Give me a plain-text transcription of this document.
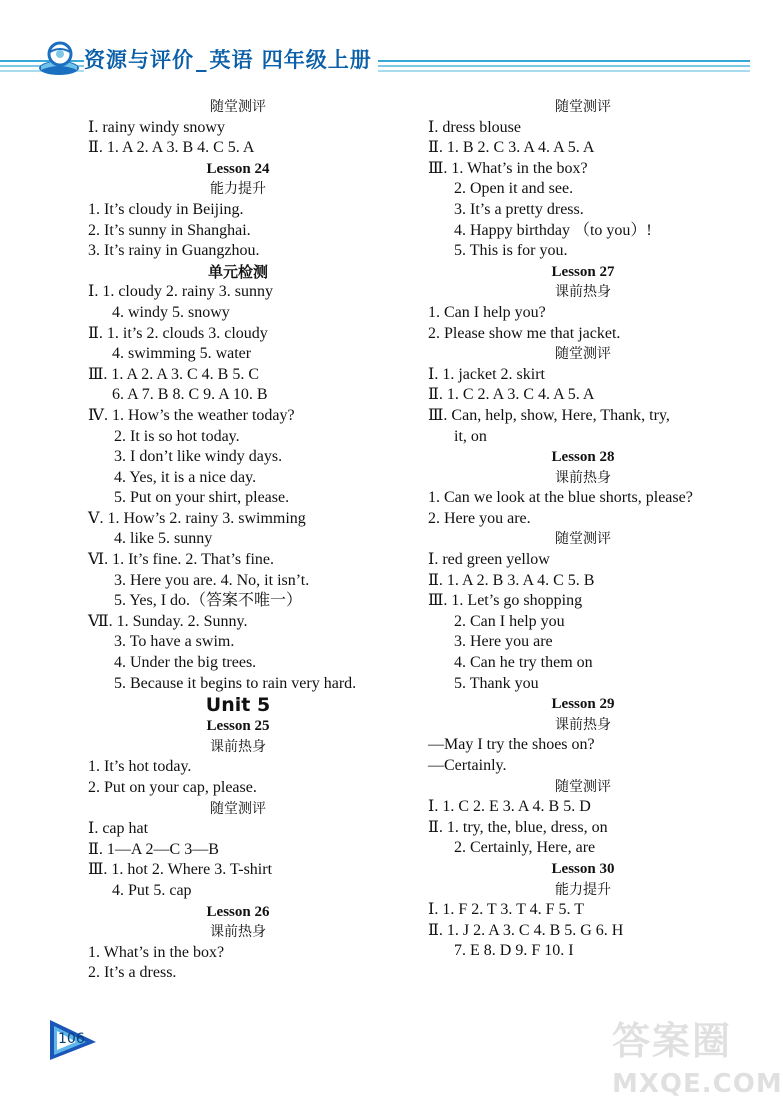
资源与评价_英语 四年级上册
随堂测评
Ⅰ. rainy windy snowy
Ⅱ. 1. A 2. A 3. B 4. C 5. A
Lesson 24
能力提升
1. It’s cloudy in Beijing.
2. It’s sunny in Shanghai.
3. It’s rainy in Guangzhou.
单元检测
Ⅰ. 1. cloudy 2. rainy 3. sunny
4. windy 5. snowy
Ⅱ. 1. it’s 2. clouds 3. cloudy
4. swimming 5. water
Ⅲ. 1. A 2. A 3. C 4. B 5. C
6. A 7. B 8. C 9. A 10. B
Ⅳ. 1. How’s the weather today?
2. It is so hot today.
3. I don’t like windy days.
4. Yes, it is a nice day.
5. Put on your shirt, please.
Ⅴ. 1. How’s 2. rainy 3. swimming
4. like 5. sunny
Ⅵ. 1. It’s fine. 2. That’s fine.
3. Here you are. 4. No, it isn’t.
5. Yes, I do.（答案不唯一）
Ⅶ. 1. Sunday. 2. Sunny.
3. To have a swim.
4. Under the big trees.
5. Because it begins to rain very hard.
Unit 5
Lesson 25
课前热身
1. It’s hot today.
2. Put on your cap, please.
随堂测评
Ⅰ. cap hat
Ⅱ. 1—A 2—C 3—B
Ⅲ. 1. hot 2. Where 3. T-shirt
4. Put 5. cap
Lesson 26
课前热身
1. What’s in the box?
2. It’s a dress.
随堂测评
Ⅰ. dress blouse
Ⅱ. 1. B 2. C 3. A 4. A 5. A
Ⅲ. 1. What’s in the box?
2. Open it and see.
3. It’s a pretty dress.
4. Happy birthday （to you）!
5. This is for you.
Lesson 27
课前热身
1. Can I help you?
2. Please show me that jacket.
随堂测评
Ⅰ. 1. jacket 2. skirt
Ⅱ. 1. C 2. A 3. C 4. A 5. A
Ⅲ. Can, help, show, Here, Thank, try,
it, on
Lesson 28
课前热身
1. Can we look at the blue shorts, please?
2. Here you are.
随堂测评
Ⅰ. red green yellow
Ⅱ. 1. A 2. B 3. A 4. C 5. B
Ⅲ. 1. Let’s go shopping
2. Can I help you
3. Here you are
4. Can he try them on
5. Thank you
Lesson 29
课前热身
—May I try the shoes on?
—Certainly.
随堂测评
Ⅰ. 1. C 2. E 3. A 4. B 5. D
Ⅱ. 1. try, the, blue, dress, on
2. Certainly, Here, are
Lesson 30
能力提升
Ⅰ. 1. F 2. T 3. T 4. F 5. T
Ⅱ. 1. J 2. A 3. C 4. B 5. G 6. H
7. E 8. D 9. F 10. I
106	答案圈
MXQE.COM
